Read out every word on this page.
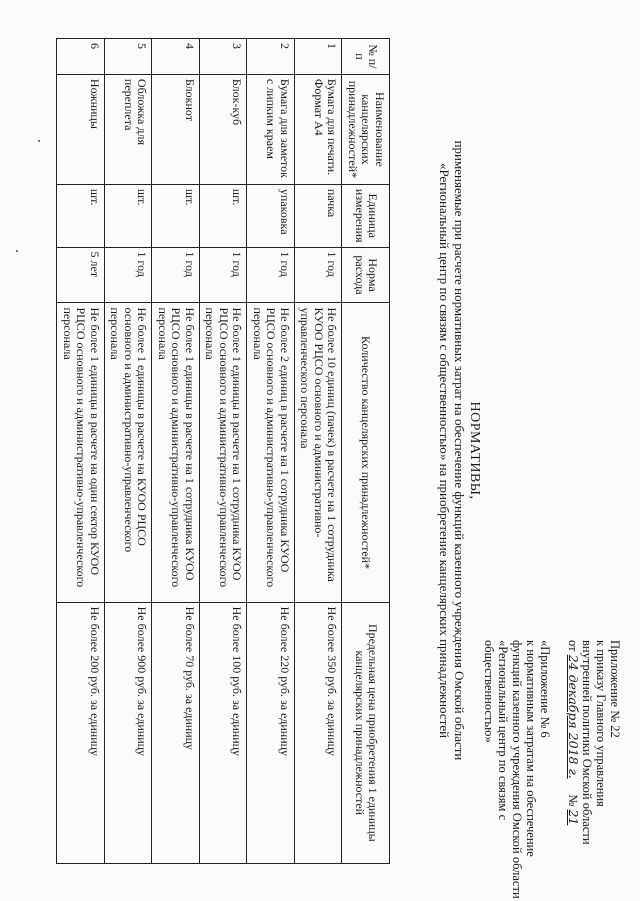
Приложение № 22
к приказу Главного управления
внутренней политики Омской области
от 24 декабря 2018 г.     № 21
«Приложение № 6
к нормативным затратам на обеспечение
функций казенного учреждения Омской области
«Региональный центр по связям с
общественностью»
НОРМАТИВЫ,
применяемые при расчете нормативных затрат на обеспечение функций казенного учреждения Омской области
«Региональный центр по связям с общественностью» на приобретение канцелярских принадлежностей
№ п/п	Наименование канцелярских принадлежностей*	Единица измерения	Норма расхода	Количество канцелярских принадлежностей*	Предельная цена приобретения 1 единицы канцелярских принадлежностей
1	Бумага для печати. Формат А4	пачка	1 год	Не более 10 единиц (пачек) в расчете на 1 сотрудника КУОО РЦСО основного и административно-управленческого персонала	Не более 350 руб. за единицу
2	Бумага для заметок с липким краем	упаковка	1 год	Не более 2 единиц в расчете на 1 сотрудника КУОО РЦСО основного и административно-управленческого персонала	Не более 220 руб. за единицу
3	Блок-куб	шт.	1 год	Не более 1 единицы в расчете на 1 сотрудника КУОО РЦСО основного и административно-управленческого персонала	Не более 100 руб. за единицу
4	Блокнот	шт.	1 год	Не более 1 единицы в расчете на 1 сотрудника КУОО РЦСО основного и административно-управленческого персонала	Не более 70 руб. за единицу
5	Обложка для переплета	шт.	1 год	Не более 1 единицы в расчете на КУОО РЦСО основного и административно-управленческого персонала	Не более 900 руб. за единицу
6	Ножницы	шт.	5 лет	Не более 1 единицы в расчете на один сектор КУОО РЦСО основного и административно-управленческого персонала	Не более 200 руб. за единицу
